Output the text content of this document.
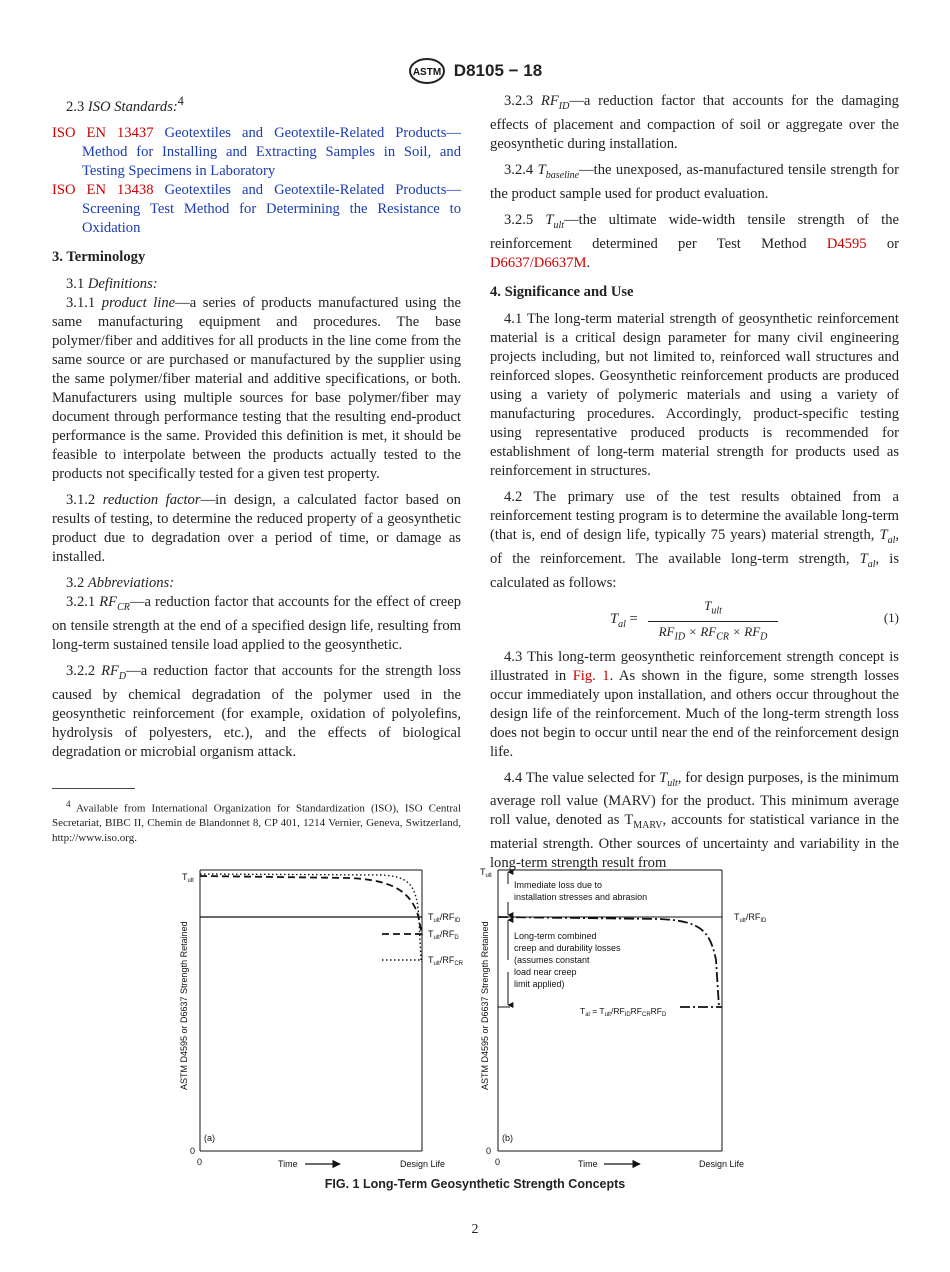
ASTM D8105 − 18

2.3 ISO Standards:$^4$

ISO EN 13437 Geotextiles and Geotextile-Related Products—Method for Installing and Extracting Samples in Soil, and Testing Specimens in Laboratory

ISO EN 13438 Geotextiles and Geotextile-Related Products—Screening Test Method for Determining the Resistance to Oxidation

3. Terminology

3.1 Definitions:

3.1.1 product line—a series of products manufactured using the same manufacturing equipment and procedures. The base polymer/fiber and additives for all products in the line come from the same source or are purchased or manufactured by the supplier using the same polymer/fiber material and additive specifications, or both. Manufacturers using multiple sources for base polymer/fiber may document through performance testing that the resulting end-product performance is the same. Provided this definition is met, it should be feasible to interpolate between the products actually tested to the products not specifically tested for a given test property.

3.1.2 reduction factor—in design, a calculated factor based on results of testing, to determine the reduced property of a geosynthetic product due to degradation over a period of time, or damage as installed.

3.2 Abbreviations:

3.2.1 $RF_{CR}—a$ reduction factor that accounts for the effect of creep on tensile strength at the end of a specified design life, resulting from long-term sustained tensile load applied to the geosynthetic.

3.2.2 $RF_D—a$ reduction factor that accounts for the strength loss caused by chemical degradation of the polymer used in the geosynthetic reinforcement (for example, oxidation of polyolefins, hydrolysis of polyesters, etc.), and the effects of biological degradation or microbial organism attack.

$^4$ Available from International Organization for Standardization (ISO), ISO Central Secretariat, BIBC II, Chemin de Blandonnet 8, CP 401, 1214 Vernier, Geneva, Switzerland, http://www.iso.org.

3.2.3 $RF_{ID}—a$ reduction factor that accounts for the damaging effects of placement and compaction of soil or aggregate over the geosynthetic during installation.

3.2.4 $T_{baseline}—the$ unexposed, as-manufactured tensile strength for the product sample used for product evaluation.

3.2.5 $T_{ult}—the$ ultimate wide-width tensile strength of the reinforcement determined per Test Method D4595 or D6637/D6637M.

4. Significance and Use

4.1 The long-term material strength of geosynthetic reinforcement material is a critical design parameter for many civil engineering projects including, but not limited to, reinforced wall structures and reinforced slopes. Geosynthetic reinforcement products are produced using a variety of polymeric materials and using a variety of manufacturing procedures. Accordingly, product-specific testing using representative produced products is recommended for establishment of long-term material strength for products used as reinforcement in structures.

4.2 The primary use of the test results obtained from a reinforcement testing program is to determine the available long-term (that is, end of design life, typically 75 years) material strength, $T_{al}$, of the reinforcement. The available long-term strength, $T_{al}$, is calculated as follows:

$T_{al}$ =
$T_{ult}$
$RF_{ID} \times RF_{CR} \times RF_D$
(1)

4.3 This long-term geosynthetic reinforcement strength concept is illustrated in Fig. 1. As shown in the figure, some strength losses occur immediately upon installation, and others occur throughout the design life of the reinforcement. Much of the long-term strength loss does not begin to occur until near the end of the reinforcement design life.

4.4 The value selected for $T_{ult}$, for design purposes, is the minimum average roll value (MARV) for the product. This minimum average roll value, denoted as $T_{MARV}$, accounts for statistical variance in the material strength. Other sources of uncertainty and variability in the long-term strength result from

$T_{ult}$
$T_{ult}/RF_{ID}$
$T_{ult}/RF_D$
$T_{ult}/RF_{CR}$
(a)
0
0	Time	Design Life
ASTM D4595 or D6637 Strength Retained
$T_{ult}$
Immediate loss due to
installation stresses and abrasion
$T_{ult}/RF_{ID}$
Long-term combined
creep and durability losses
(assumes constant
load near creep
limit applied)
$T_{al} = T_{ult}/RF_{ID}RF_{CR}RF_D$
(b)
0
0	Time	Design Life
ASTM D4595 or D6637 Strength Retained
FIG. 1 Long-Term Geosynthetic Strength Concepts
2
